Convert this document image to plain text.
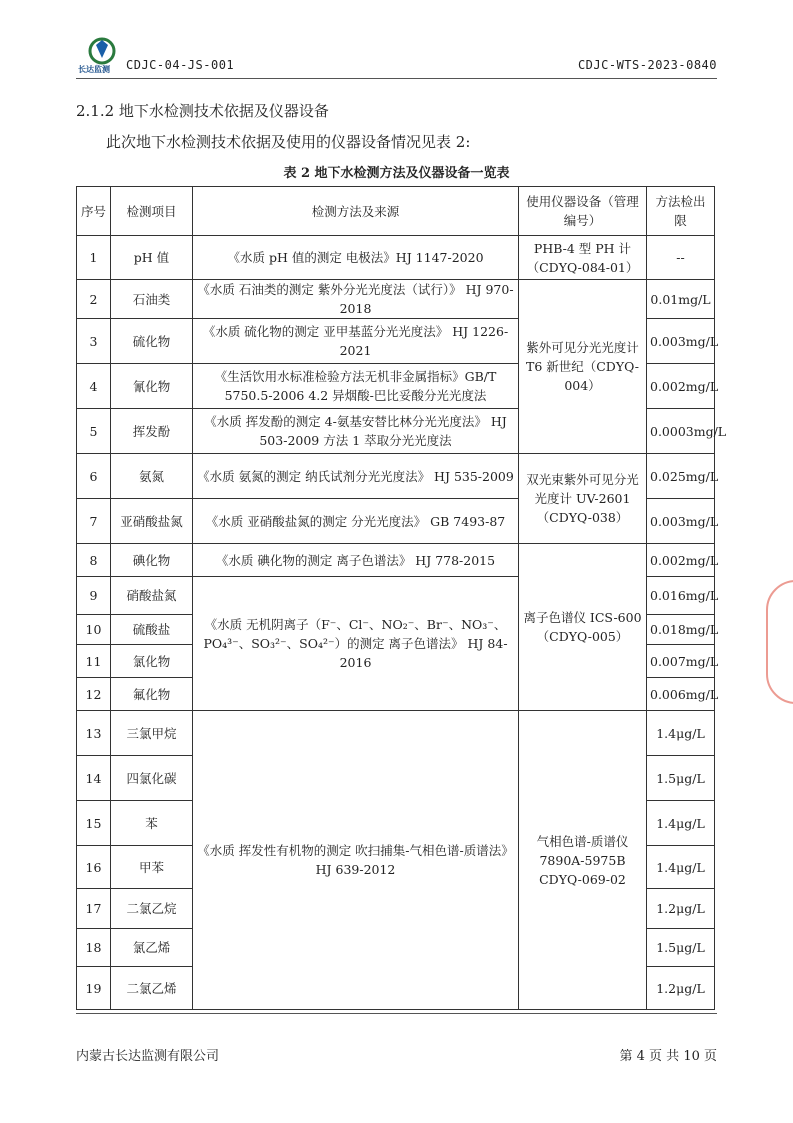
长达监测 CDJC-04-JS-001	CDJC-WTS-2023-0840
2.1.2 地下水检测技术依据及仪器设备
此次地下水检测技术依据及使用的仪器设备情况见表 2:
表 2 地下水检测方法及仪器设备一览表
序号	检测项目	检测方法及来源	使用仪器设备（管理编号）	方法检出限
1	pH 值	《水质 pH 值的测定 电极法》HJ 1147-2020	PHB-4 型 PH 计（CDYQ-084-01）	--
2	石油类	《水质 石油类的测定 紫外分光光度法（试行）》 HJ 970-2018	紫外可见分光光度计 T6 新世纪（CDYQ-004）	0.01mg/L
3	硫化物	《水质 硫化物的测定 亚甲基蓝分光光度法》 HJ 1226-2021		0.003mg/L
4	氰化物	《生活饮用水标准检验方法无机非金属指标》GB/T 5750.5-2006 4.2 异烟酸-巴比妥酸分光光度法		0.002mg/L
5	挥发酚	《水质 挥发酚的测定 4-氨基安替比林分光光度法》 HJ 503-2009 方法 1 萃取分光光度法		0.0003mg/L
6	氨氮	《水质 氨氮的测定 纳氏试剂分光光度法》 HJ 535-2009	双光束紫外可见分光光度计 UV-2601（CDYQ-038）	0.025mg/L
7	亚硝酸盐氮	《水质 亚硝酸盐氮的测定 分光光度法》 GB 7493-87		0.003mg/L
8	碘化物	《水质 碘化物的测定 离子色谱法》 HJ 778-2015	离子色谱仪 ICS-600（CDYQ-005）	0.002mg/L
9	硝酸盐氮	《水质 无机阴离子（F⁻、Cl⁻、NO₂⁻、Br⁻、NO₃⁻、PO₄³⁻、SO₃²⁻、SO₄²⁻）的测定 离子色谱法》 HJ 84-2016		0.016mg/L
10	硫酸盐			0.018mg/L
11	氯化物			0.007mg/L
12	氟化物			0.006mg/L
13	三氯甲烷	《水质 挥发性有机物的测定 吹扫捕集-气相色谱-质谱法》HJ 639-2012	气相色谱-质谱仪 7890A-5975B CDYQ-069-02	1.4μg/L
14	四氯化碳			1.5μg/L
15	苯			1.4μg/L
16	甲苯			1.4μg/L
17	二氯乙烷			1.2μg/L
18	氯乙烯			1.5μg/L
19	二氯乙烯			1.2μg/L
内蒙古长达监测有限公司	第 4 页 共 10 页
